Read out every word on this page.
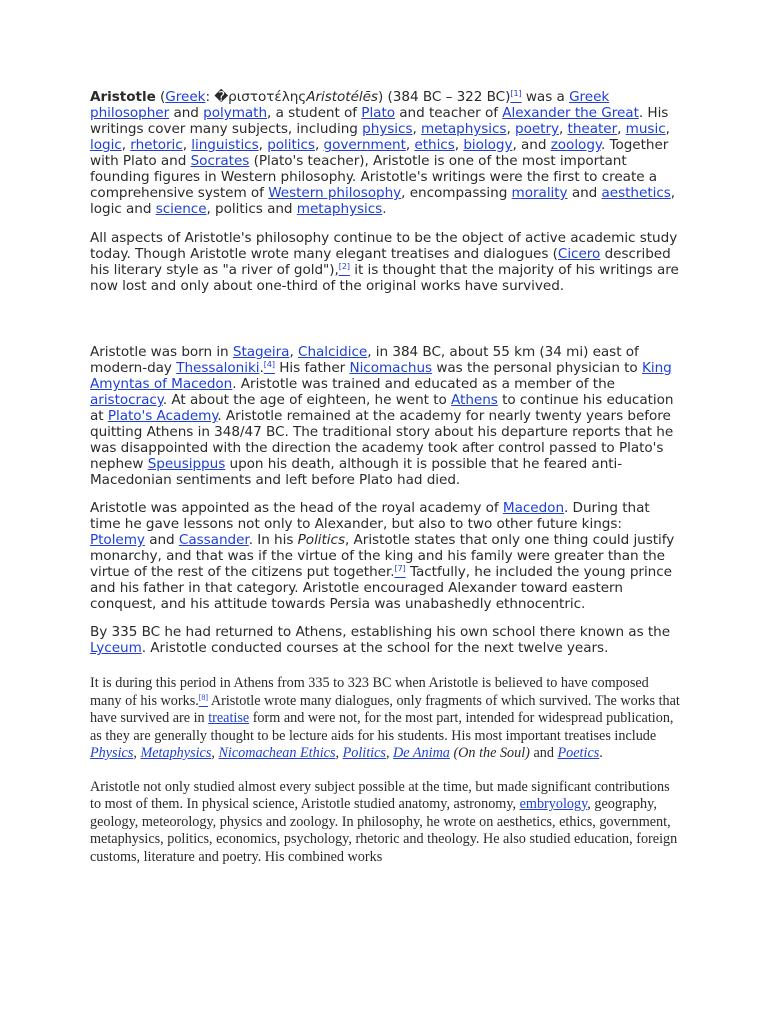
Aristotle (Greek: �ριστοτέληςAristotélēs) (384 BC – 322 BC)[1] was a Greek philosopher and polymath, a student of Plato and teacher of Alexander the Great. His writings cover many subjects, including physics, metaphysics, poetry, theater, music, logic, rhetoric, linguistics, politics, government, ethics, biology, and zoology. Together with Plato and Socrates (Plato's teacher), Aristotle is one of the most important founding figures in Western philosophy. Aristotle's writings were the first to create a comprehensive system of Western philosophy, encompassing morality and aesthetics, logic and science, politics and metaphysics.

All aspects of Aristotle's philosophy continue to be the object of active academic study today. Though Aristotle wrote many elegant treatises and dialogues (Cicero described his literary style as "a river of gold"),[2] it is thought that the majority of his writings are now lost and only about one-third of the original works have survived.

Aristotle was born in Stageira, Chalcidice, in 384 BC, about 55 km (34 mi) east of modern-day Thessaloniki.[4] His father Nicomachus was the personal physician to King Amyntas of Macedon. Aristotle was trained and educated as a member of the aristocracy. At about the age of eighteen, he went to Athens to continue his education at Plato's Academy. Aristotle remained at the academy for nearly twenty years before quitting Athens in 348/47 BC. The traditional story about his departure reports that he was disappointed with the direction the academy took after control passed to Plato's nephew Speusippus upon his death, although it is possible that he feared anti-Macedonian sentiments and left before Plato had died.

Aristotle was appointed as the head of the royal academy of Macedon. During that time he gave lessons not only to Alexander, but also to two other future kings: Ptolemy and Cassander. In his Politics, Aristotle states that only one thing could justify monarchy, and that was if the virtue of the king and his family were greater than the virtue of the rest of the citizens put together.[7] Tactfully, he included the young prince and his father in that category. Aristotle encouraged Alexander toward eastern conquest, and his attitude towards Persia was unabashedly ethnocentric.

By 335 BC he had returned to Athens, establishing his own school there known as the Lyceum. Aristotle conducted courses at the school for the next twelve years.

It is during this period in Athens from 335 to 323 BC when Aristotle is believed to have composed many of his works.[8] Aristotle wrote many dialogues, only fragments of which survived. The works that have survived are in treatise form and were not, for the most part, intended for widespread publication, as they are generally thought to be lecture aids for his students. His most important treatises include Physics, Metaphysics, Nicomachean Ethics, Politics, De Anima (On the Soul) and Poetics.

Aristotle not only studied almost every subject possible at the time, but made significant contributions to most of them. In physical science, Aristotle studied anatomy, astronomy, embryology, geography, geology, meteorology, physics and zoology. In philosophy, he wrote on aesthetics, ethics, government, metaphysics, politics, economics, psychology, rhetoric and theology. He also studied education, foreign customs, literature and poetry. His combined works
